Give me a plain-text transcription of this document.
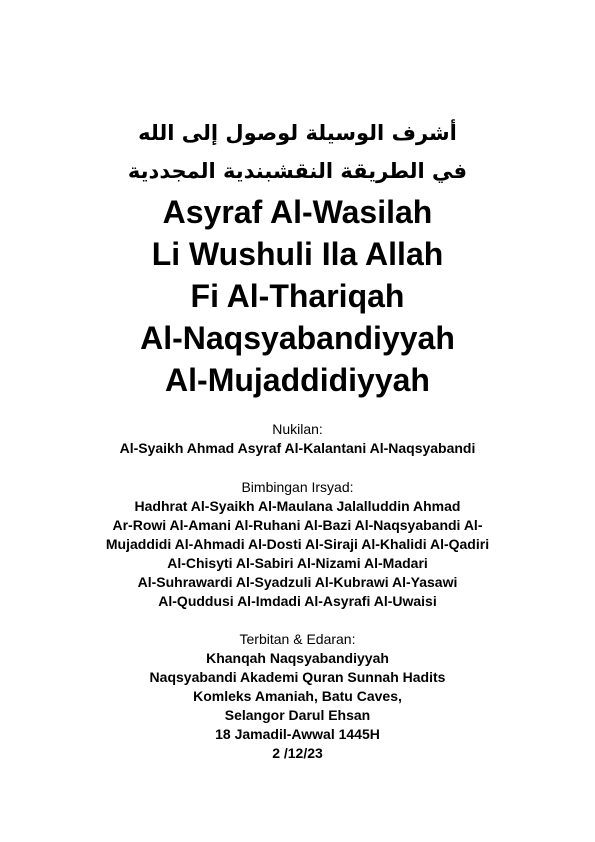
أشرف الوسيلة لوصول إلى الله
في الطريقة النقشبندية المجددية
Asyraf Al-Wasilah
Li Wushuli Ila Allah
Fi Al-Thariqah
Al-Naqsyabandiyyah
Al-Mujaddidiyyah
Nukilan:
Al-Syaikh Ahmad Asyraf Al-Kalantani Al-Naqsyabandi
Bimbingan Irsyad:
Hadhrat Al-Syaikh Al-Maulana Jalalluddin Ahmad
Ar-Rowi Al-Amani Al-Ruhani Al-Bazi Al-Naqsyabandi Al-
Mujaddidi Al-Ahmadi Al-Dosti Al-Siraji Al-Khalidi Al-Qadiri
Al-Chisyti Al-Sabiri Al-Nizami Al-Madari
Al-Suhrawardi Al-Syadzuli Al-Kubrawi Al-Yasawi
Al-Quddusi Al-Imdadi Al-Asyrafi Al-Uwaisi
Terbitan & Edaran:
Khanqah Naqsyabandiyyah
Naqsyabandi Akademi Quran Sunnah Hadits
Komleks Amaniah, Batu Caves,
Selangor Darul Ehsan
18 Jamadil-Awwal 1445H
2 /12/23
